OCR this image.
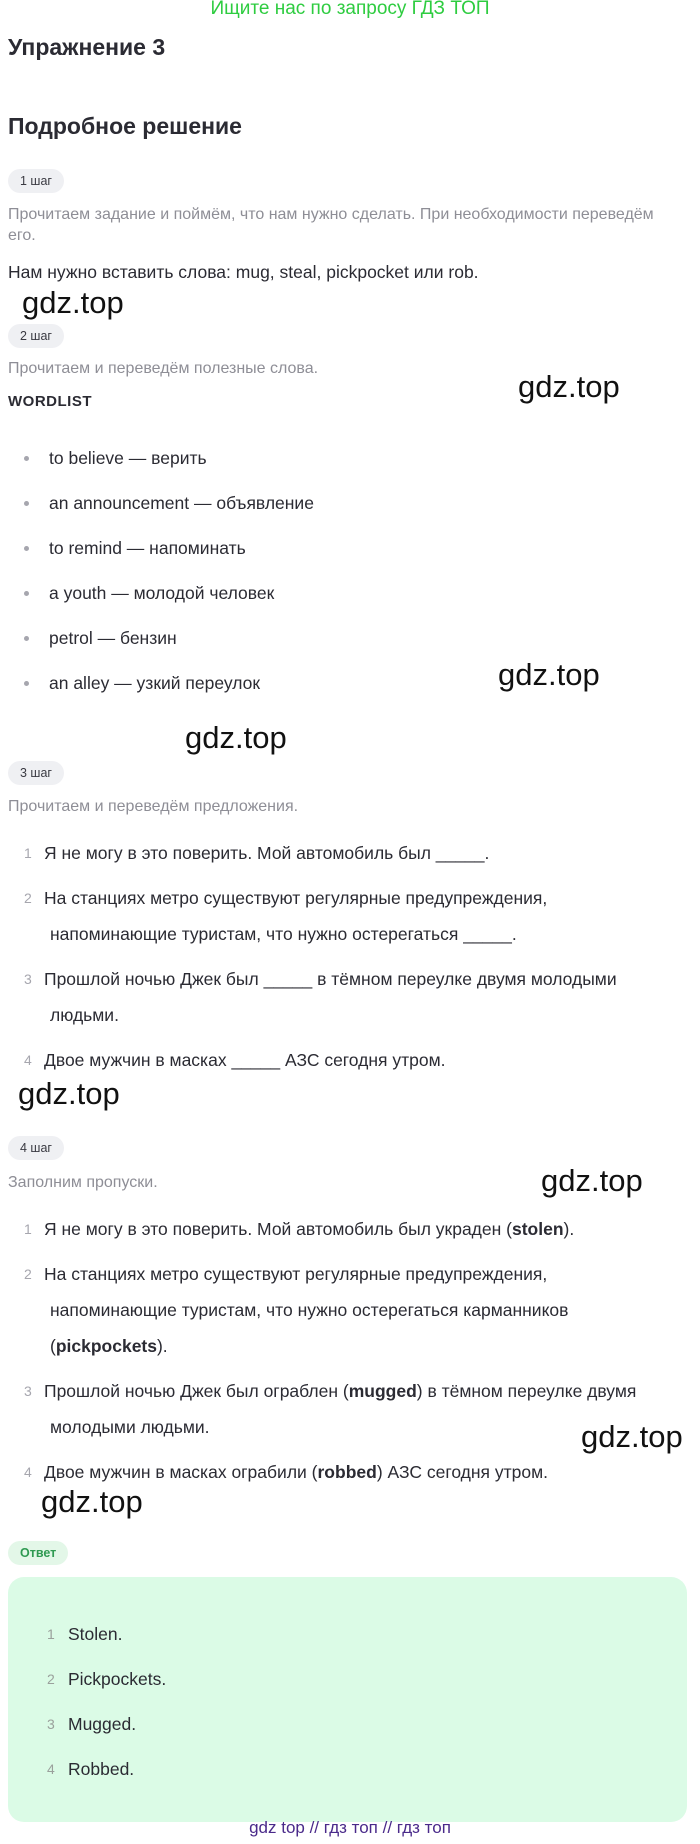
Ищите нас по запросу ГДЗ ТОП
Упражнение 3
Подробное решение
1 шаг
Прочитаем задание и поймём, что нам нужно сделать. При необходимости переведём его.
Нам нужно вставить слова: mug, steal, pickpocket или rob.
gdz.top
2 шаг
Прочитаем и переведём полезные слова.
WORDLIST	gdz.top
to believe — верить
an announcement — объявление
to remind — напоминать
a youth — молодой человек
petrol — бензин
an alley — узкий переулок	gdz.top
gdz.top
3 шаг
Прочитаем и переведём предложения.
1 Я не могу в это поверить. Мой автомобиль был _____.
2 На станциях метро существуют регулярные предупреждения,
напоминающие туристам, что нужно остерегаться _____.
3 Прошлой ночью Джек был _____ в тёмном переулке двумя молодыми
людьми.
4 Двое мужчин в масках _____ АЗС сегодня утром.
gdz.top
4 шаг
Заполним пропуски.	gdz.top
1 Я не могу в это поверить. Мой автомобиль был украден (stolen).
2 На станциях метро существуют регулярные предупреждения,
напоминающие туристам, что нужно остерегаться карманников
(pickpockets).
3 Прошлой ночью Джек был ограблен (mugged) в тёмном переулке двумя
молодыми людьми.
4 Двое мужчин в масках ограбили (robbed) АЗС сегодня утром.
gdz.top
gdz.top
Ответ
1 Stolen.
2 Pickpockets.
3 Mugged.
4 Robbed.
gdz top // гдз топ // гдз топ
